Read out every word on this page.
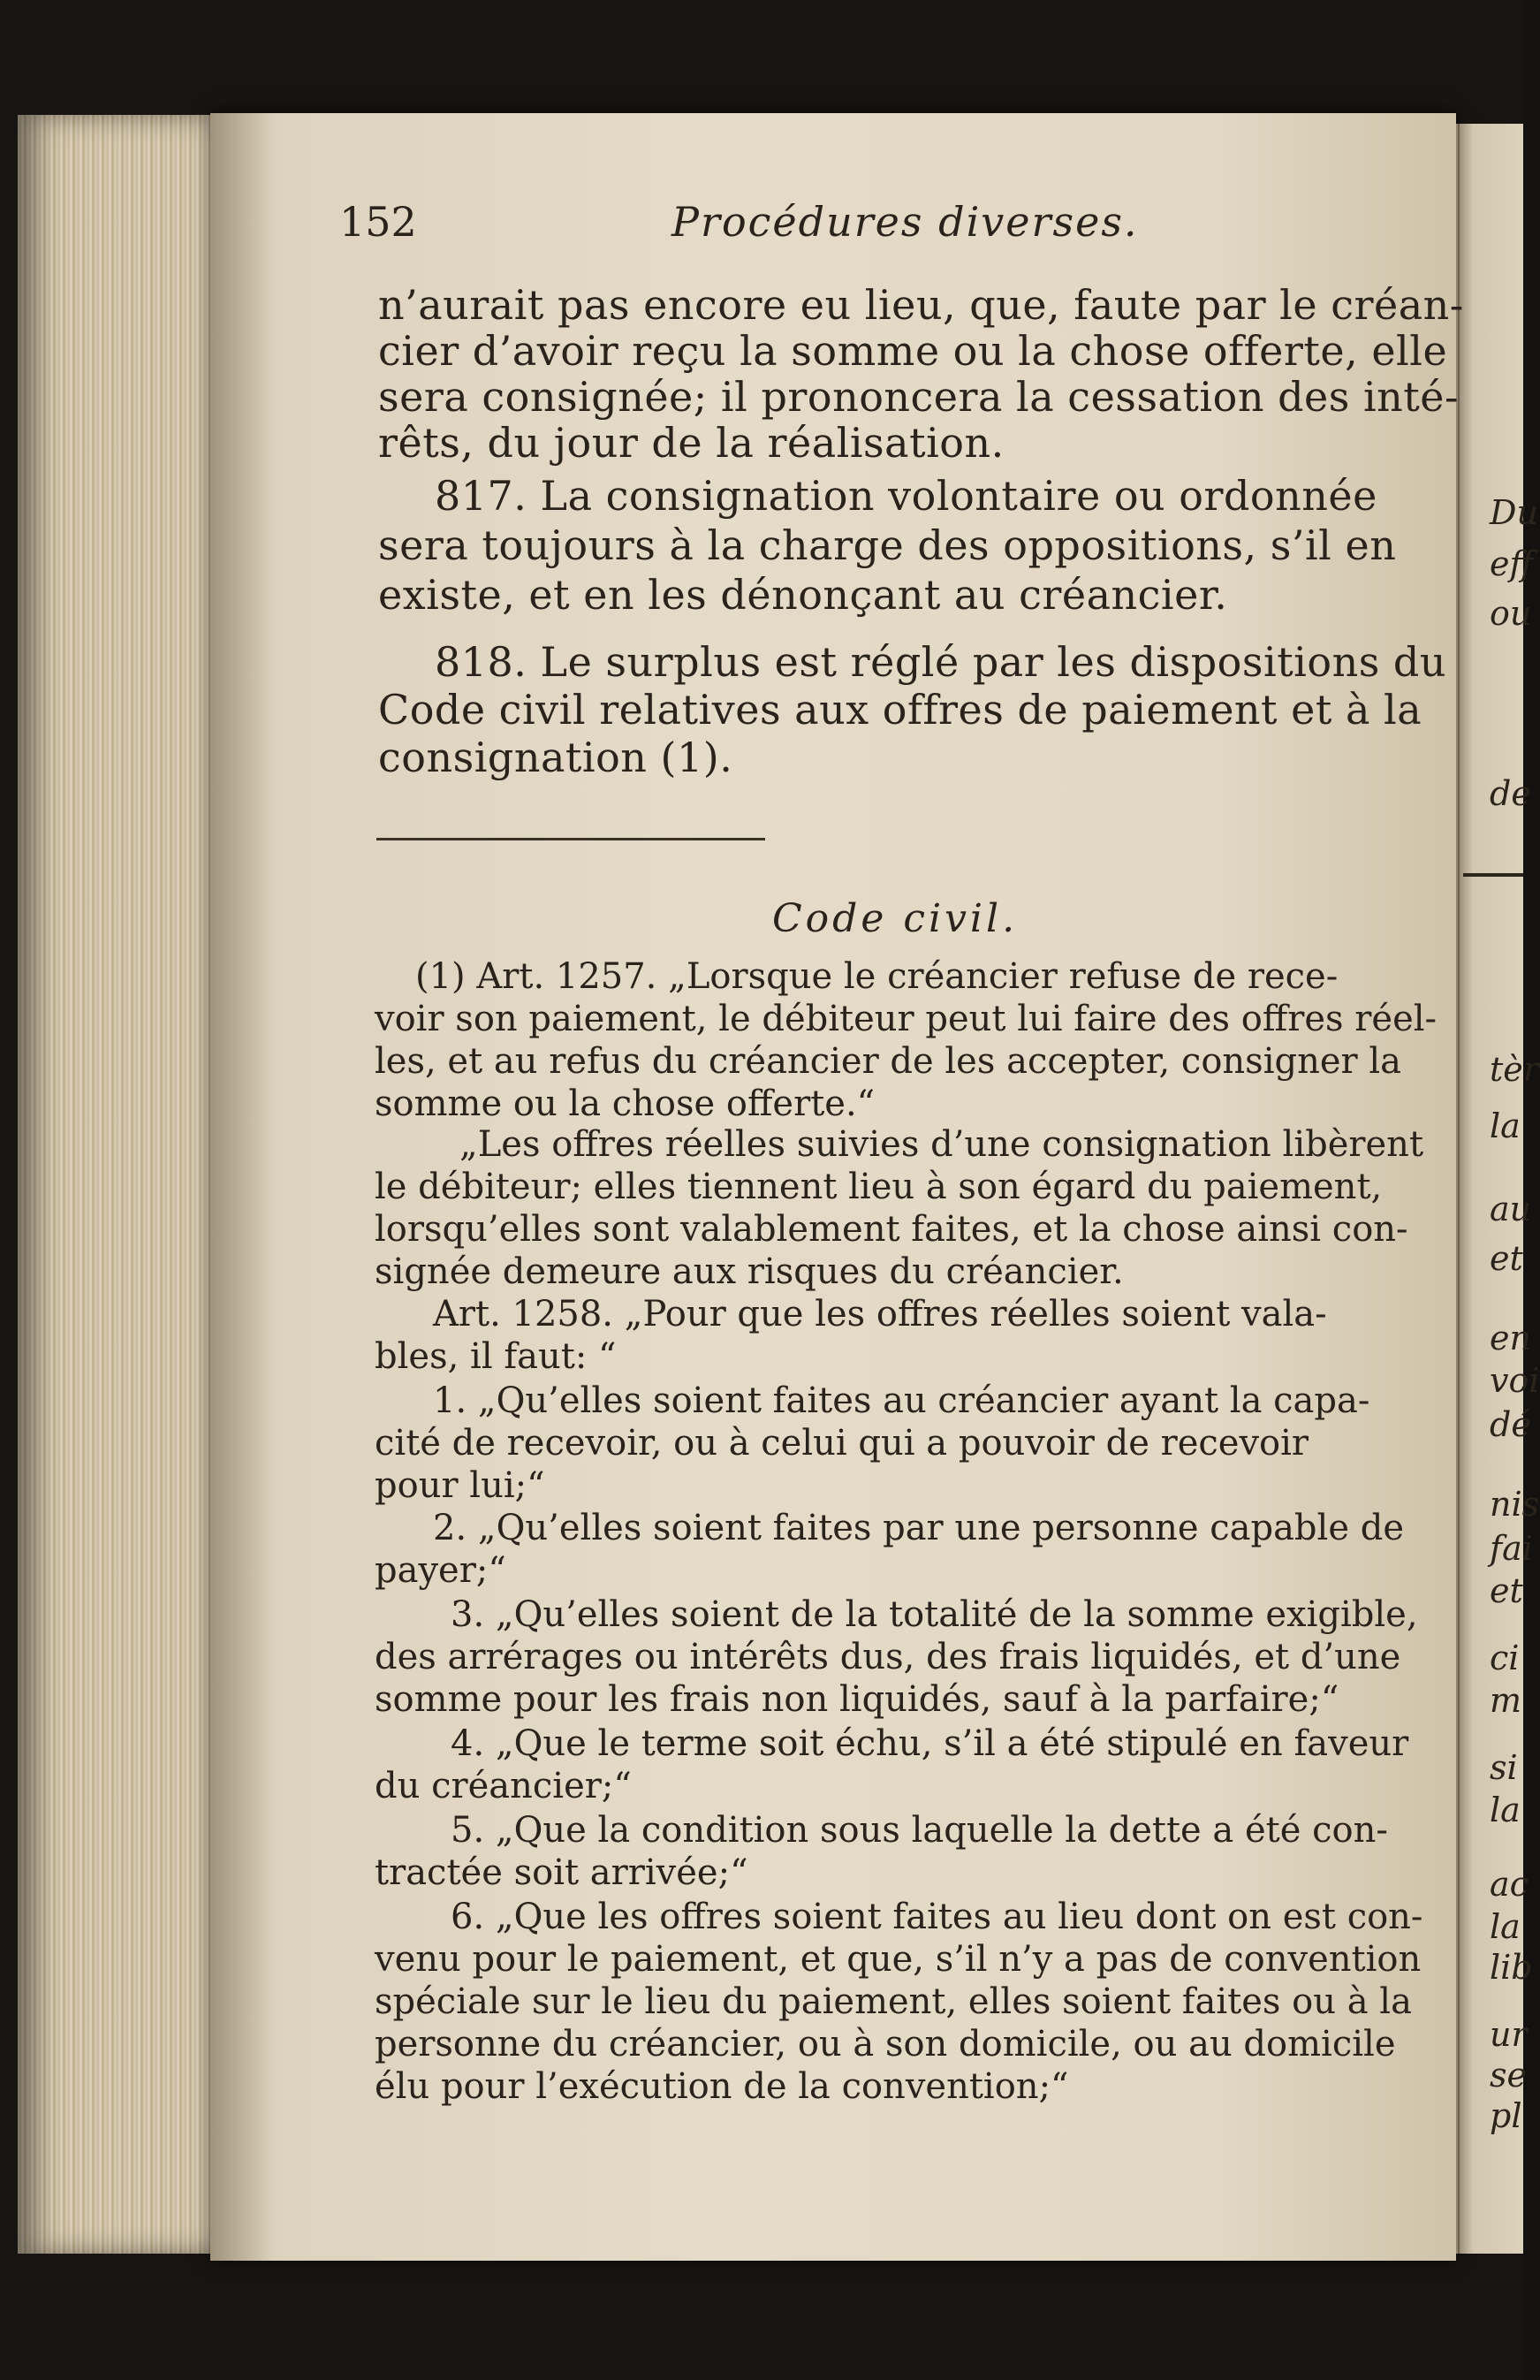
Du
eff
ou
de
tèr
la
au
et
en
voi
dé
nis
fai
et
ci
m
si
la
ac
la
lib
ur
se
pl
152	Procédures diverses.
n’aurait pas encore eu lieu, que, faute par le créan-
cier d’avoir reçu la somme ou la chose offerte, elle
sera consignée; il prononcera la cessation des inté-
rêts, du jour de la réalisation.
817. La consignation volontaire ou ordonnée
sera toujours à la charge des oppositions, s’il en
existe, et en les dénonçant au créancier.
818. Le surplus est réglé par les dispositions du
Code civil relatives aux offres de paiement et à la
consignation (1).
Code civil.
(1) Art. 1257. „Lorsque le créancier refuse de rece-
voir son paiement, le débiteur peut lui faire des offres réel-
les, et au refus du créancier de les accepter, consigner la
somme ou la chose offerte.“
„Les offres réelles suivies d’une consignation libèrent
le débiteur; elles tiennent lieu à son égard du paiement,
lorsqu’elles sont valablement faites, et la chose ainsi con-
signée demeure aux risques du créancier.
Art. 1258. „Pour que les offres réelles soient vala-
bles, il faut: “
1. „Qu’elles soient faites au créancier ayant la capa-
cité de recevoir, ou à celui qui a pouvoir de recevoir
pour lui;“
2. „Qu’elles soient faites par une personne capable de
payer;“
3. „Qu’elles soient de la totalité de la somme exigible,
des arrérages ou intérêts dus, des frais liquidés, et d’une
somme pour les frais non liquidés, sauf à la parfaire;“
4. „Que le terme soit échu, s’il a été stipulé en faveur
du créancier;“
5. „Que la condition sous laquelle la dette a été con-
tractée soit arrivée;“
6. „Que les offres soient faites au lieu dont on est con-
venu pour le paiement, et que, s’il n’y a pas de convention
spéciale sur le lieu du paiement, elles soient faites ou à la
personne du créancier, ou à son domicile, ou au domicile
élu pour l’exécution de la convention;“
